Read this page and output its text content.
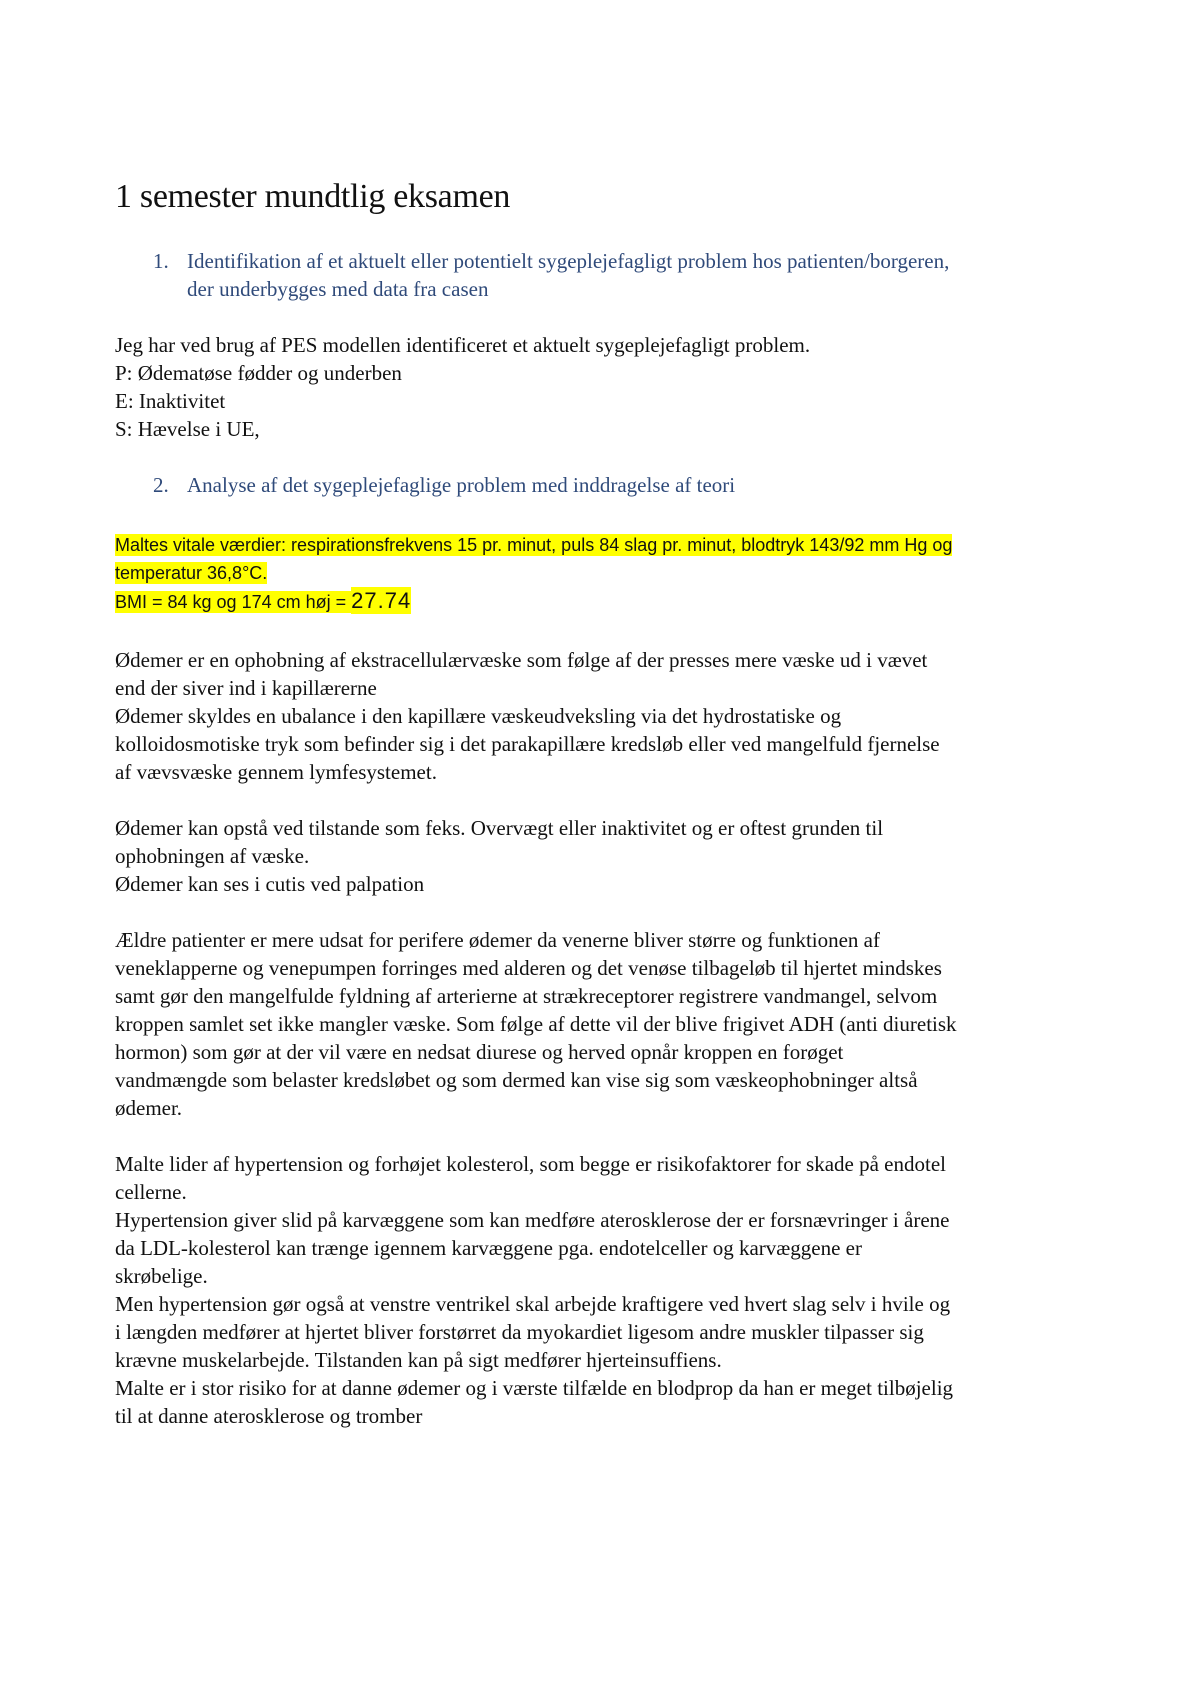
1 semester mundtlig eksamen
1. Identifikation af et aktuelt eller potentielt sygeplejefagligt problem hos patienten/borgeren,
der underbygges med data fra casen

Jeg har ved brug af PES modellen identificeret et aktuelt sygeplejefagligt problem.

P: Ødematøse fødder og underben

E: Inaktivitet

S: Hævelse i UE,

2. Analyse af det sygeplejefaglige problem med inddragelse af teori
Maltes vitale værdier: respirationsfrekvens 15 pr. minut, puls 84 slag pr. minut, blodtryk 143/92 mm Hg og
temperatur 36,8°C.
BMI = 84 kg og 174 cm høj = 27.74

Ødemer er en ophobning af ekstracellulærvæske som følge af der presses mere væske ud i vævet

end der siver ind i kapillærerne

Ødemer skyldes en ubalance i den kapillære væskeudveksling via det hydrostatiske og

kolloidosmotiske tryk som befinder sig i det parakapillære kredsløb eller ved mangelfuld fjernelse

af vævsvæske gennem lymfesystemet.

Ødemer kan opstå ved tilstande som feks. Overvægt eller inaktivitet og er oftest grunden til

ophobningen af væske.

Ødemer kan ses i cutis ved palpation

Ældre patienter er mere udsat for perifere ødemer da venerne bliver større og funktionen af

veneklapperne og venepumpen forringes med alderen og det venøse tilbageløb til hjertet mindskes

samt gør den mangelfulde fyldning af arterierne at strækreceptorer registrere vandmangel, selvom

kroppen samlet set ikke mangler væske. Som følge af dette vil der blive frigivet ADH (anti diuretisk

hormon) som gør at der vil være en nedsat diurese og herved opnår kroppen en forøget

vandmængde som belaster kredsløbet og som dermed kan vise sig som væskeophobninger altså

ødemer.

Malte lider af hypertension og forhøjet kolesterol, som begge er risikofaktorer for skade på endotel

cellerne.

Hypertension giver slid på karvæggene som kan medføre aterosklerose der er forsnævringer i årene

da LDL-kolesterol kan trænge igennem karvæggene pga. endotelceller og karvæggene er

skrøbelige.

Men hypertension gør også at venstre ventrikel skal arbejde kraftigere ved hvert slag selv i hvile og

i længden medfører at hjertet bliver forstørret da myokardiet ligesom andre muskler tilpasser sig

krævne muskelarbejde. Tilstanden kan på sigt medfører hjerteinsuffiens.

Malte er i stor risiko for at danne ødemer og i værste tilfælde en blodprop da han er meget tilbøjelig

til at danne aterosklerose og tromber
